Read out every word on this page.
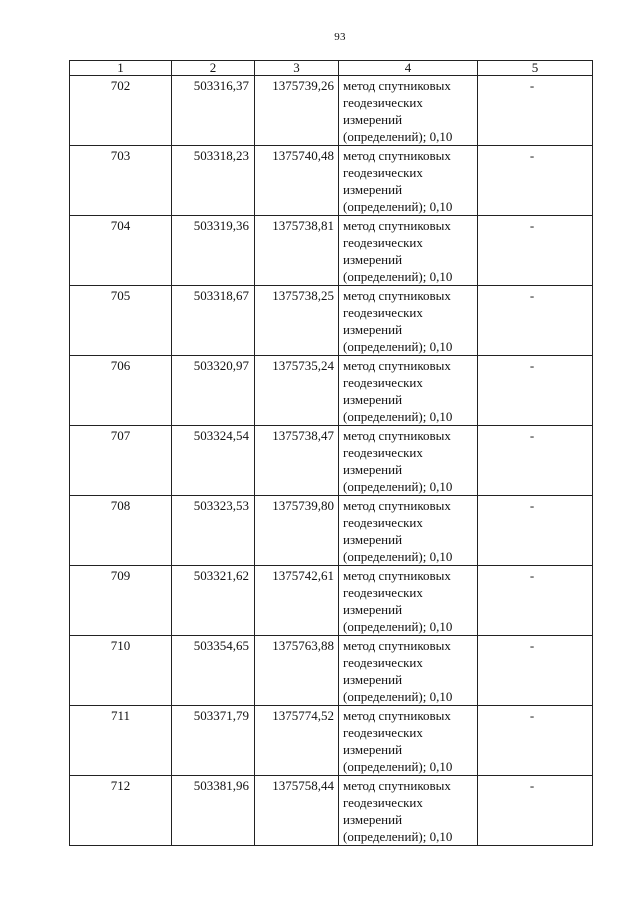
93
1	2	3	4	5
702	503316,37	1375739,26	метод спутниковых
геодезических
измерений
(определений); 0,10	-
703	503318,23	1375740,48	метод спутниковых
геодезических
измерений
(определений); 0,10	-
704	503319,36	1375738,81	метод спутниковых
геодезических
измерений
(определений); 0,10	-
705	503318,67	1375738,25	метод спутниковых
геодезических
измерений
(определений); 0,10	-
706	503320,97	1375735,24	метод спутниковых
геодезических
измерений
(определений); 0,10	-
707	503324,54	1375738,47	метод спутниковых
геодезических
измерений
(определений); 0,10	-
708	503323,53	1375739,80	метод спутниковых
геодезических
измерений
(определений); 0,10	-
709	503321,62	1375742,61	метод спутниковых
геодезических
измерений
(определений); 0,10	-
710	503354,65	1375763,88	метод спутниковых
геодезических
измерений
(определений); 0,10	-
711	503371,79	1375774,52	метод спутниковых
геодезических
измерений
(определений); 0,10	-
712	503381,96	1375758,44	метод спутниковых
геодезических
измерений
(определений); 0,10	-
